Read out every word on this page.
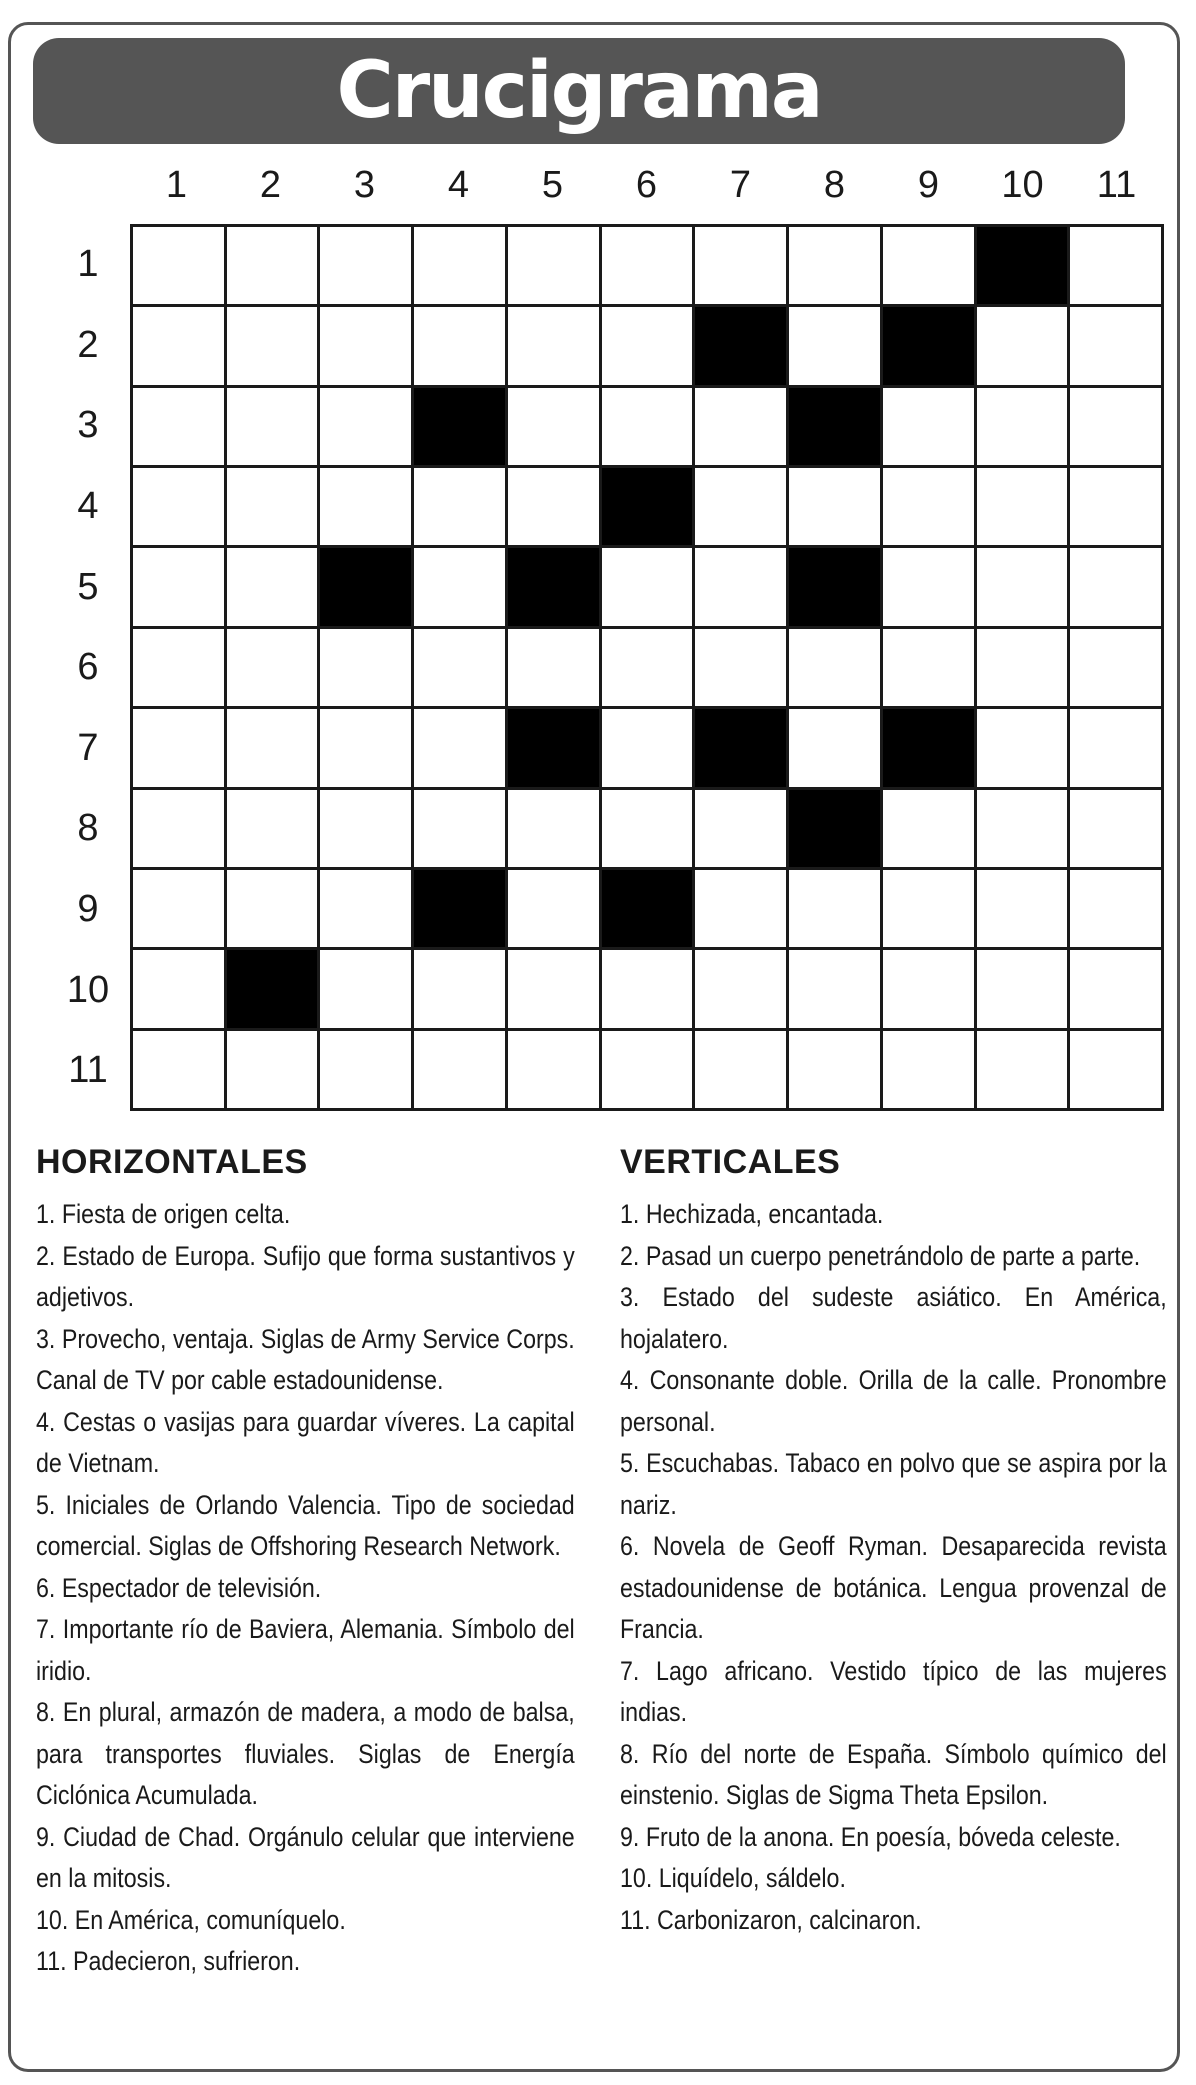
Crucigrama
1	2	3	4	5	6	7	8	9	10	11
1
2
3
4
5
6
7
8
9
10
11
HORIZONTALES
1. Fiesta de origen celta.
2. Estado de Europa. Sufijo que forma sustantivos y adjetivos.
3. Provecho, ventaja. Siglas de Army Service Corps. Canal de TV por cable estadounidense.
4. Cestas o vasijas para guardar víveres. La capital de Vietnam.
5. Iniciales de Orlando Valencia. Tipo de sociedad comercial. Siglas de Offshoring Research Network.
6. Espectador de televisión.
7. Importante río de Baviera, Alemania. Símbolo del iridio.
8. En plural, armazón de madera, a modo de balsa, para transportes fluviales. Siglas de Energía Ciclónica Acumulada.
9. Ciudad de Chad. Orgánulo celular que interviene en la mitosis.
10. En América, comuníquelo.
11. Padecieron, sufrieron.
VERTICALES
1. Hechizada, encantada.
2. Pasad un cuerpo penetrándolo de parte a parte.
3. Estado del sudeste asiático. En América, hojalatero.
4. Consonante doble. Orilla de la calle. Pronombre personal.
5. Escuchabas. Tabaco en polvo que se aspira por la nariz.
6. Novela de Geoff Ryman. Desaparecida revista estadounidense de botánica. Lengua provenzal de Francia.
7. Lago africano. Vestido típico de las mujeres indias.
8. Río del norte de España. Símbolo químico del einstenio. Siglas de Sigma Theta Epsilon.
9. Fruto de la anona. En poesía, bóveda celeste.
10. Liquídelo, sáldelo.
11. Carbonizaron, calcinaron.
